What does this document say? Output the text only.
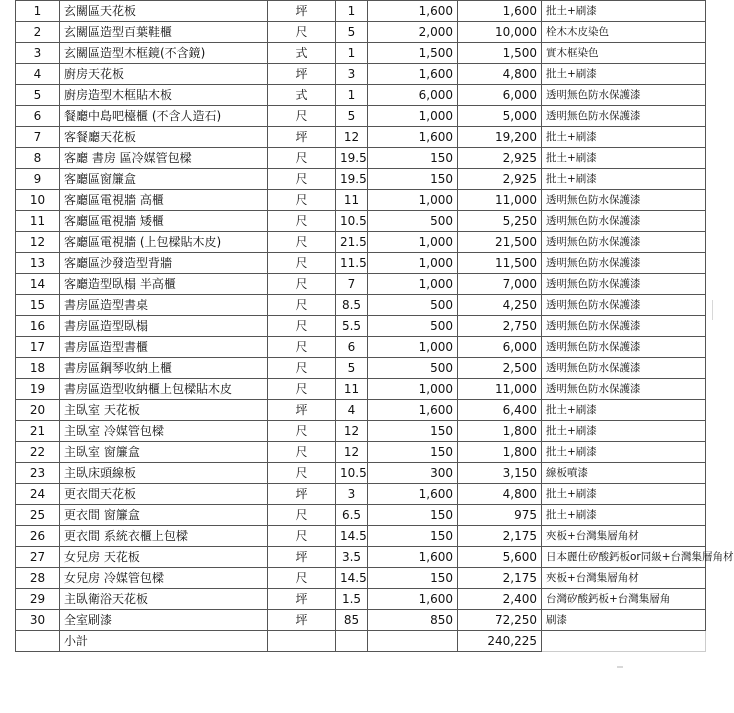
1	玄關區天花板	坪	1	1,600	1,600	批土+刷漆
2	玄關區造型百葉鞋櫃	尺	5	2,000	10,000	栓木木皮染色
3	玄關區造型木框鏡(不含鏡)	式	1	1,500	1,500	實木框染色
4	廚房天花板	坪	3	1,600	4,800	批土+刷漆
5	廚房造型木框貼木板	式	1	6,000	6,000	透明無色防水保護漆
6	餐廳中島吧檯櫃 (不含人造石)	尺	5	1,000	5,000	透明無色防水保護漆
7	客餐廳天花板	坪	12	1,600	19,200	批土+刷漆
8	客廳 書房 區冷媒管包樑	尺	19.5	150	2,925	批土+刷漆
9	客廳區窗簾盒	尺	19.5	150	2,925	批土+刷漆
10	客廳區電視牆 高櫃	尺	11	1,000	11,000	透明無色防水保護漆
11	客廳區電視牆 矮櫃	尺	10.5	500	5,250	透明無色防水保護漆
12	客廳區電視牆 (上包樑貼木皮)	尺	21.5	1,000	21,500	透明無色防水保護漆
13	客廳區沙發造型背牆	尺	11.5	1,000	11,500	透明無色防水保護漆
14	客廳造型臥榻 半高櫃	尺	7	1,000	7,000	透明無色防水保護漆
15	書房區造型書桌	尺	8.5	500	4,250	透明無色防水保護漆
16	書房區造型臥榻	尺	5.5	500	2,750	透明無色防水保護漆
17	書房區造型書櫃	尺	6	1,000	6,000	透明無色防水保護漆
18	書房區鋼琴收納上櫃	尺	5	500	2,500	透明無色防水保護漆
19	書房區造型收納櫃上包樑貼木皮	尺	11	1,000	11,000	透明無色防水保護漆
20	主臥室 天花板	坪	4	1,600	6,400	批土+刷漆
21	主臥室 冷媒管包樑	尺	12	150	1,800	批土+刷漆
22	主臥室 窗簾盒	尺	12	150	1,800	批土+刷漆
23	主臥床頭線板	尺	10.5	300	3,150	線板噴漆
24	更衣間天花板	坪	3	1,600	4,800	批土+刷漆
25	更衣間 窗簾盒	尺	6.5	150	975	批土+刷漆
26	更衣間 系統衣櫃上包樑	尺	14.5	150	2,175	夾板+台灣集層角材
27	女兒房 天花板	坪	3.5	1,600	5,600	日本麗仕矽酸鈣板or同級+台灣集層角材
28	女兒房 冷媒管包樑	尺	14.5	150	2,175	夾板+台灣集層角材
29	主臥衛浴天花板	坪	1.5	1,600	2,400	台灣矽酸鈣板+台灣集層角
30	全室刷漆	坪	85	850	72,250	刷漆
	小計				240,225	
